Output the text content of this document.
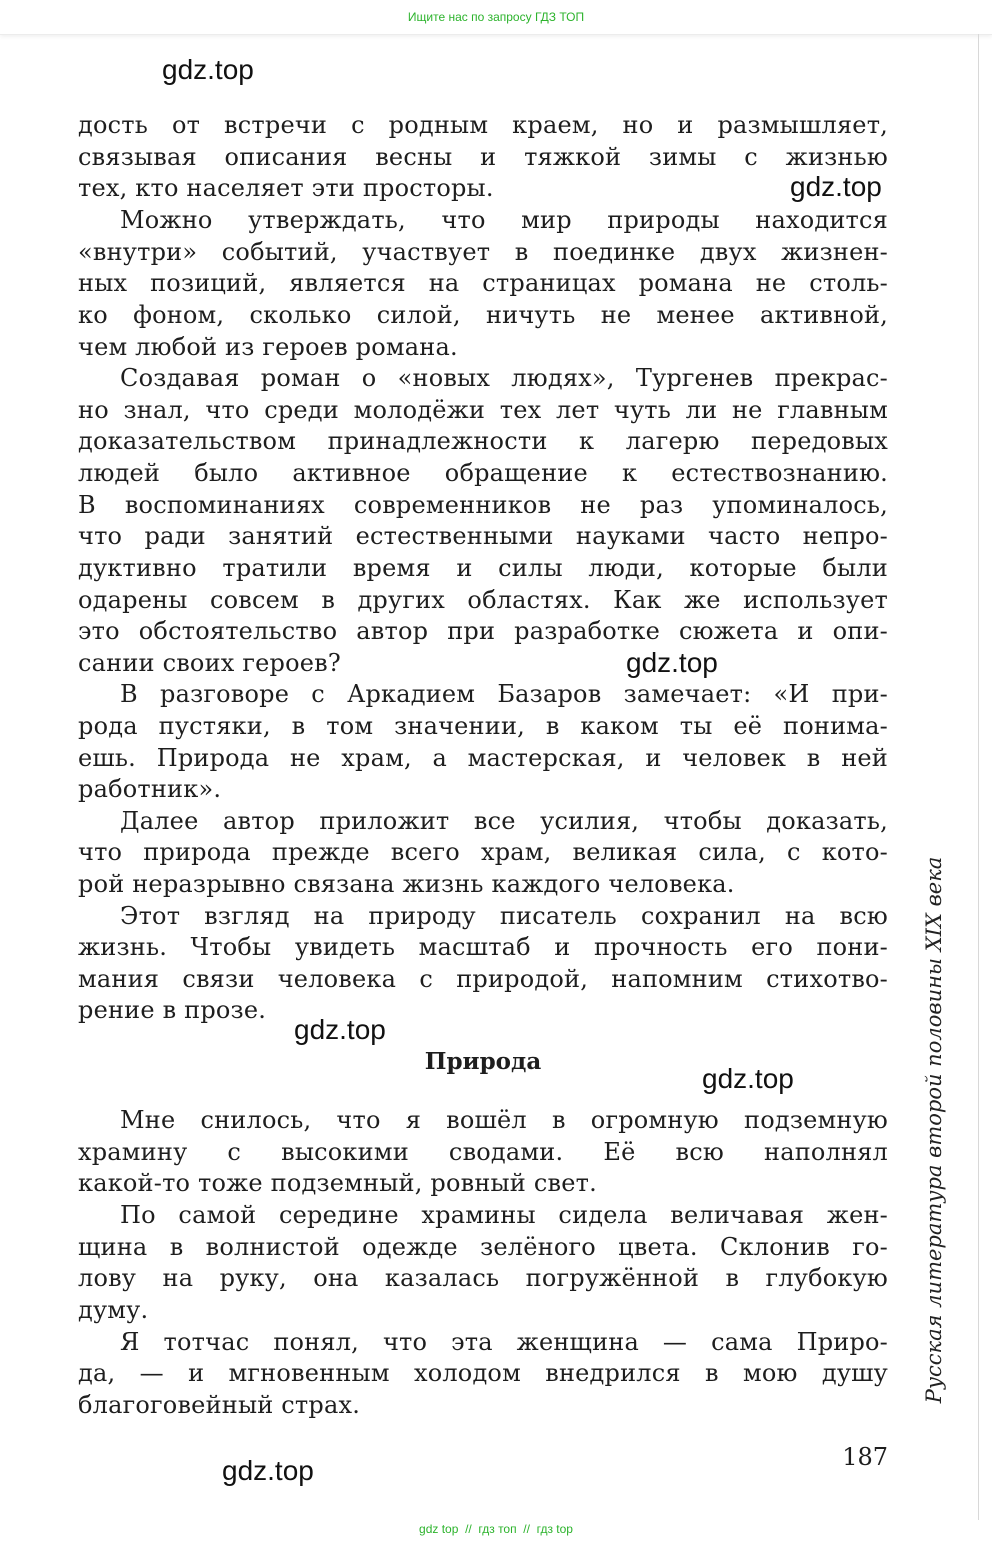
Ищите нас по запросу ГДЗ ТОП
gdz.top
gdz.top
gdz.top
gdz.top
gdz.top
gdz.top
дость от встречи с родным краем, но и размышляет,
связывая описания весны и тяжкой зимы с жизнью
тех, кто населяет эти просторы.
Можно утверждать, что мир природы находится
«внутри» событий, участвует в поединке двух жизнен-
ных позиций, является на страницах романа не столь-
ко фоном, сколько силой, ничуть не менее активной,
чем любой из героев романа.
Создавая роман о «новых людях», Тургенев прекрас-
но знал, что среди молодёжи тех лет чуть ли не главным
доказательством принадлежности к лагерю передовых
людей было активное обращение к естествознанию.
В воспоминаниях современников не раз упоминалось,
что ради занятий естественными науками часто непро-
дуктивно тратили время и силы люди, которые были
одарены совсем в других областях. Как же использует
это обстоятельство автор при разработке сюжета и опи-
сании своих героев?
В разговоре с Аркадием Базаров замечает: «И при-
рода пустяки, в том значении, в каком ты её понима-
ешь. Природа не храм, а мастерская, и человек в ней
работник».
Далее автор приложит все усилия, чтобы доказать,
что природа прежде всего храм, великая сила, с кото-
рой неразрывно связана жизнь каждого человека.
Этот взгляд на природу писатель сохранил на всю
жизнь. Чтобы увидеть масштаб и прочность его пони-
мания связи человека с природой, напомним стихотво-
рение в прозе.
Природа
Мне снилось, что я вошёл в огромную подземную
храмину с высокими сводами. Её всю наполнял
какой-то тоже подземный, ровный свет.
По самой середине храмины сидела величавая жен-
щина в волнистой одежде зелёного цвета. Склонив го-
лову на руку, она казалась погружённой в глубокую
думу.
Я тотчас понял, что эта женщина — сама Приро-
да, — и мгновенным холодом внедрился в мою душу
благоговейный страх.
187
Русская литература второй половины XIX века
gdz top  //  гдз топ  //  гдз top
